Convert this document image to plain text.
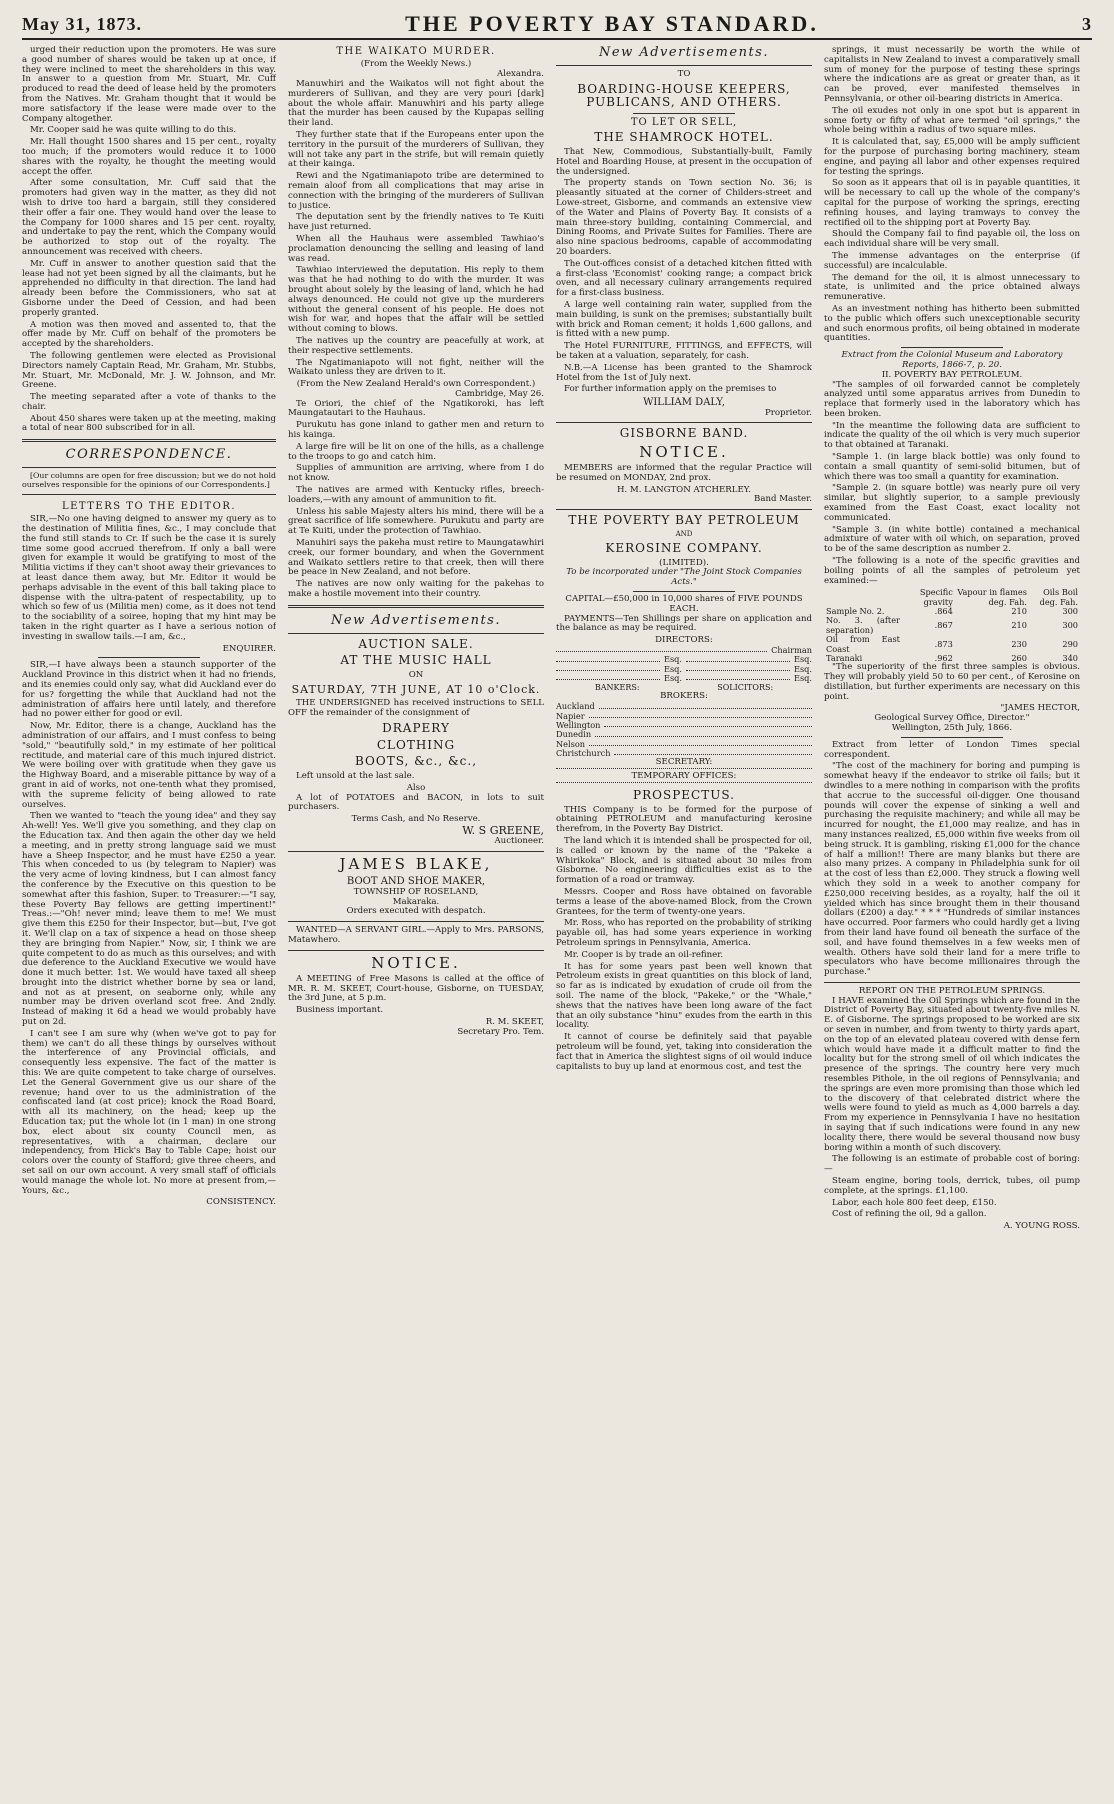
May 31, 1873.	THE POVERTY BAY STANDARD.	3

urged their reduction upon the promoters. He was sure a good number of shares would be taken up at once, if they were inclined to meet the shareholders in this way. In answer to a question from Mr. Stuart, Mr. Cuff produced to read the deed of lease held by the promoters from the Natives. Mr. Graham thought that it would be more satisfactory if the lease were made over to the Company altogether.

Mr. Cooper said he was quite willing to do this.

Mr. Hall thought 1500 shares and 15 per cent., royalty too much; if the promoters would reduce it to 1000 shares with the royalty, he thought the meeting would accept the offer.

After some consultation, Mr. Cuff said that the promoters had given way in the matter, as they did not wish to drive too hard a bargain, still they considered their offer a fair one. They would hand over the lease to the Company for 1000 shares and 15 per cent. royalty, and undertake to pay the rent, which the Company would be authorized to stop out of the royalty. The announcement was received with cheers.

Mr. Cuff in answer to another question said that the lease had not yet been signed by all the claimants, but he apprehended no difficulty in that direction. The land had already been before the Commissioners, who sat at Gisborne under the Deed of Cession, and had been properly granted.

A motion was then moved and assented to, that the offer made by Mr. Cuff on behalf of the promoters be accepted by the shareholders.

The following gentlemen were elected as Provisional Directors namely Captain Read, Mr. Graham, Mr. Stubbs, Mr. Stuart, Mr. McDonald, Mr. J. W. Johnson, and Mr. Greene.

The meeting separated after a vote of thanks to the chair.

About 450 shares were taken up at the meeting, making a total of near 800 subscribed for in all.

CORRESPONDENCE.

[Our columns are open for free discussion; but we do not hold ourselves responsible for the opinions of our Correspondents.]

LETTERS TO THE EDITOR.

SIR,—No one having deigned to answer my query as to the destination of Militia fines, &c., I may conclude that the fund still stands to Cr. If such be the case it is surely time some good accrued therefrom. If only a ball were given for example it would be gratifying to most of the Militia victims if they can't shoot away their grievances to at least dance them away, but Mr. Editor it would be perhaps advisable in the event of this ball taking place to dispense with the ultra-patent of respectability, up to which so few of us (Militia men) come, as it does not tend to the sociability of a soiree, hoping that my hint may be taken in the right quarter as I have a serious notion of investing in swallow tails.—I am, &c.,

ENQUIRER.

SIR,—I have always been a staunch supporter of the Auckland Province in this district when it had no friends, and its enemies could only say, what did Auckland ever do for us? forgetting the while that Auckland had not the administration of affairs here until lately, and therefore had no power either for good or evil.

Now, Mr. Editor, there is a change, Auckland has the administration of our affairs, and I must confess to being "sold," "beautifully sold," in my estimate of her political rectitude, and material care of this much injured district. We were boiling over with gratitude when they gave us the Highway Board, and a miserable pittance by way of a grant in aid of works, not one-tenth what they promised, with the supreme felicity of being allowed to rate ourselves.

Then we wanted to "teach the young idea" and they say Ah-well! Yes. We'll give you something, and they clap on the Education tax. And then again the other day we held a meeting, and in pretty strong language said we must have a Sheep Inspector, and he must have £250 a year. This when conceded to us (by telegram to Napier) was the very acme of loving kindness, but I can almost fancy the conference by the Executive on this question to be somewhat after this fashion, Super. to Treasurer:—"I say, these Poverty Bay fellows are getting impertinent!" Treas.:—"Oh! never mind; leave them to me! We must give them this £250 for their Inspector, but—but, I've got it. We'll clap on a tax of sixpence a head on those sheep they are bringing from Napier." Now, sir, I think we are quite competent to do as much as this ourselves; and with due deference to the Auckland Executive we would have done it much better. 1st. We would have taxed all sheep brought into the district whether borne by sea or land, and not as at present, on seaborne only, while any number may be driven overland scot free. And 2ndly. Instead of making it 6d a head we would probably have put on 2d.

I can't see I am sure why (when we've got to pay for them) we can't do all these things by ourselves without the interference of any Provincial officials, and consequently less expensive. The fact of the matter is this: We are quite competent to take charge of ourselves. Let the General Government give us our share of the revenue; hand over to us the administration of the confiscated land (at cost price); knock the Road Board, with all its machinery, on the head; keep up the Education tax; put the whole lot (in 1 man) in one strong box, elect about six county Council men, as representatives, with a chairman, declare our independency, from Hick's Bay to Table Cape; hoist our colors over the county of Stafford; give three cheers, and set sail on our own account. A very small staff of officials would manage the whole lot. No more at present from,—Yours, &c.,

CONSISTENCY.
THE WAIKATO MURDER.
(From the Weekly News.)
Alexandra.

Manuwhiri and the Waikatos will not fight about the murderers of Sullivan, and they are very pouri [dark] about the whole affair. Manuwhiri and his party allege that the murder has been caused by the Kupapas selling their land.

They further state that if the Europeans enter upon the territory in the pursuit of the murderers of Sullivan, they will not take any part in the strife, but will remain quietly at their kainga.

Rewi and the Ngatimaniapoto tribe are determined to remain aloof from all complications that may arise in connection with the bringing of the murderers of Sullivan to justice.

The deputation sent by the friendly natives to Te Kuiti have just returned.

When all the Hauhaus were assembled Tawhiao's proclamation denouncing the selling and leasing of land was read.

Tawhiao interviewed the deputation. His reply to them was that he had nothing to do with the murder. It was brought about solely by the leasing of land, which he had always denounced. He could not give up the murderers without the general consent of his people. He does not wish for war, and hopes that the affair will be settled without coming to blows.

The natives up the country are peacefully at work, at their respective settlements.

The Ngatimaniapoto will not fight, neither will the Waikato unless they are driven to it.

(From the New Zealand Herald's own Correspondent.)
Cambridge, May 26.

Te Oriori, the chief of the Ngatikoroki, has left Maungatautari to the Hauhaus.

Purukutu has gone inland to gather men and return to his kainga.

A large fire will be lit on one of the hills, as a challenge to the troops to go and catch him.

Supplies of ammunition are arriving, where from I do not know.

The natives are armed with Kentucky rifles, breech-loaders,—with any amount of ammunition to fit.

Unless his sable Majesty alters his mind, there will be a great sacrifice of life somewhere. Purukutu and party are at Te Kuiti, under the protection of Tawhiao.

Manuhiri says the pakeha must retire to Maungatawhiri creek, our former boundary, and when the Government and Waikato settlers retire to that creek, then will there be peace in New Zealand, and not before.

The natives are now only waiting for the pakehas to make a hostile movement into their country.

New Advertisements.
AUCTION SALE.
AT THE MUSIC HALL
ON
SATURDAY, 7TH JUNE, AT 10 o'Clock.

THE UNDERSIGNED has received instructions to SELL OFF the remainder of the consignment of

DRAPERY
CLOTHING
BOOTS, &c., &c.,

Left unsold at the last sale.

Also

A lot of POTATOES and BACON, in lots to suit purchasers.

Terms Cash, and No Reserve.
W. S GREENE,
Auctioneer.
JAMES BLAKE,
BOOT AND SHOE MAKER,
TOWNSHIP OF ROSELAND,
Makaraka.
Orders executed with despatch.

WANTED—A SERVANT GIRL.—Apply to Mrs. PARSONS, Matawhero.

NOTICE.

A MEETING of Free Masons is called at the office of MR. R. M. SKEET, Court-house, Gisborne, on TUESDAY, the 3rd June, at 5 p.m.

Business important.

R. M. SKEET,
Secretary Pro. Tem.
New Advertisements.
TO
BOARDING-HOUSE KEEPERS, PUBLICANS, AND OTHERS.
TO LET OR SELL,
THE SHAMROCK HOTEL.

That New, Commodious, Substantially-built, Family Hotel and Boarding House, at present in the occupation of the undersigned.

The property stands on Town section No. 36; is pleasantly situated at the corner of Childers-street and Lowe-street, Gisborne, and commands an extensive view of the Water and Plains of Poverty Bay. It consists of a main three-story building, containing Commercial, and Dining Rooms, and Private Suites for Families. There are also nine spacious bedrooms, capable of accommodating 20 boarders.

The Out-offices consist of a detached kitchen fitted with a first-class 'Economist' cooking range; a compact brick oven, and all necessary culinary arrangements required for a first-class business.

A large well containing rain water, supplied from the main building, is sunk on the premises; substantially built with brick and Roman cement; it holds 1,600 gallons, and is fitted with a new pump.

The Hotel FURNITURE, FITTINGS, and EFFECTS, will be taken at a valuation, separately, for cash.

N.B.—A License has been granted to the Shamrock Hotel from the 1st of July next.

For further information apply on the premises to

WILLIAM DALY,
Proprietor.
GISBORNE BAND.
NOTICE.

MEMBERS are informed that the regular Practice will be resumed on MONDAY, 2nd prox.

H. M. LANGTON ATCHERLEY.
Band Master.
THE POVERTY BAY PETROLEUM
AND
KEROSINE COMPANY.
(LIMITED).
To be incorporated under "The Joint Stock Companies Acts."
CAPITAL—£50,000 in 10,000 shares of FIVE POUNDS EACH.

PAYMENTS—Ten Shillings per share on application and the balance as may be required.

DIRECTORS:
Chairman
Esq.	Esq.
Esq.	Esq.
Esq.	Esq.
BANKERS:	SOLICITORS:
BROKERS:
Auckland
Napier
Wellington
Dunedin
Nelson
Christchurch
SECRETARY:
TEMPORARY OFFICES:
PROSPECTUS.

THIS Company is to be formed for the purpose of obtaining PETROLEUM and manufacturing kerosine therefrom, in the Poverty Bay District.

The land which it is intended shall be prospected for oil, is called or known by the name of the "Pakeke a Whirikoka" Block, and is situated about 30 miles from Gisborne. No engineering difficulties exist as to the formation of a road or tramway.

Messrs. Cooper and Ross have obtained on favorable terms a lease of the above-named Block, from the Crown Grantees, for the term of twenty-one years.

Mr. Ross, who has reported on the probability of striking payable oil, has had some years experience in working Petroleum springs in Pennsylvania, America.

Mr. Cooper is by trade an oil-refiner.

It has for some years past been well known that Petroleum exists in great quantities on this block of land, so far as is indicated by exudation of crude oil from the soil. The name of the block, "Pakeke," or the "Whale," shews that the natives have been long aware of the fact that an oily substance "hinu" exudes from the earth in this locality.

It cannot of course be definitely said that payable petroleum will be found, yet, taking into consideration the fact that in America the slightest signs of oil would induce capitalists to buy up land at enormous cost, and test the

springs, it must necessarily be worth the while of capitalists in New Zealand to invest a comparatively small sum of money for the purpose of testing these springs where the indications are as great or greater than, as it can be proved, ever manifested themselves in Pennsylvania, or other oil-bearing districts in America.

The oil exudes not only in one spot but is apparent in some forty or fifty of what are termed "oil springs," the whole being within a radius of two square miles.

It is calculated that, say, £5,000 will be amply sufficient for the purpose of purchasing boring machinery, steam engine, and paying all labor and other expenses required for testing the springs.

So soon as it appears that oil is in payable quantities, it will be necessary to call up the whole of the company's capital for the purpose of working the springs, erecting refining houses, and laying tramways to convey the rectified oil to the shipping port at Poverty Bay.

Should the Company fail to find payable oil, the loss on each individual share will be very small.

The immense advantages on the enterprise (if successful) are incalculable.

The demand for the oil, it is almost unnecessary to state, is unlimited and the price obtained always remunerative.

As an investment nothing has hitherto been submitted to the public which offers such unexceptionable security and such enormous profits, oil being obtained in moderate quantities.

Extract from the Colonial Museum and Laboratory Reports, 1866-7, p. 20.
II. POVERTY BAY PETROLEUM.

"The samples of oil forwarded cannot be completely analyzed until some apparatus arrives from Dunedin to replace that formerly used in the laboratory which has been broken.

"In the meantime the following data are sufficient to indicate the quality of the oil which is very much superior to that obtained at Taranaki.

"Sample 1. (in large black bottle) was only found to contain a small quantity of semi-solid bitumen, but of which there was too small a quantity for examination.

"Sample 2. (in square bottle) was nearly pure oil very similar, but slightly superior, to a sample previously examined from the East Coast, exact locality not communicated.

"Sample 3. (in white bottle) contained a mechanical admixture of water with oil which, on separation, proved to be of the same description as number 2.

"The following is a note of the specific gravities and boiling points of all the samples of petroleum yet examined:—

	Specific gravity	Vapour in flames deg. Fah.	Oils Boil deg. Fah.
Sample No. 2.	.864	210	300
No. 3. (after separation)	.867	210	300
Oil from East Coast	.873	230	290
Taranaki	.962	260	340

"The superiority of the first three samples is obvious. They will probably yield 50 to 60 per cent., of Kerosine on distillation, but further experiments are necessary on this point.

"JAMES HECTOR,
Geological Survey Office, Director."
Wellington, 25th July, 1866.

Extract from letter of London Times special correspondent.

"The cost of the machinery for boring and pumping is somewhat heavy if the endeavor to strike oil fails; but it dwindles to a mere nothing in comparison with the profits that accrue to the successful oil-digger. One thousand pounds will cover the expense of sinking a well and purchasing the requisite machinery; and while all may be incurred for nought, the £1,000 may realize, and has in many instances realized, £5,000 within five weeks from oil being struck. It is gambling, risking £1,000 for the chance of half a million!! There are many blanks but there are also many prizes. A company in Philadelphia sunk for oil at the cost of less than £2,000. They struck a flowing well which they sold in a week to another company for £250,000 receiving besides, as a royalty, half the oil it yielded which has since brought them in their thousand dollars (£200) a day." * * * "Hundreds of similar instances have occurred. Poor farmers who could hardly get a living from their land have found oil beneath the surface of the soil, and have found themselves in a few weeks men of wealth. Others have sold their land for a mere trifle to speculators who have become millionaires through the purchase."

REPORT ON THE PETROLEUM SPRINGS.

I HAVE examined the Oil Springs which are found in the District of Poverty Bay, situated about twenty-five miles N. E. of Gisborne. The springs proposed to be worked are six or seven in number, and from twenty to thirty yards apart, on the top of an elevated plateau covered with dense fern which would have made it a difficult matter to find the locality but for the strong smell of oil which indicates the presence of the springs. The country here very much resembles Pithole, in the oil regions of Pennsylvania; and the springs are even more promising than those which led to the discovery of that celebrated district where the wells were found to yield as much as 4,000 barrels a day. From my experience in Pennsylvania I have no hesitation in saying that if such indications were found in any new locality there, there would be several thousand now busy boring within a month of such discovery.

The following is an estimate of probable cost of boring:—

Steam engine, boring tools, derrick, tubes, oil pump complete, at the springs. £1,100.

Labor, each hole 800 feet deep, £150.

Cost of refining the oil, 9d a gallon.

A. YOUNG ROSS.
